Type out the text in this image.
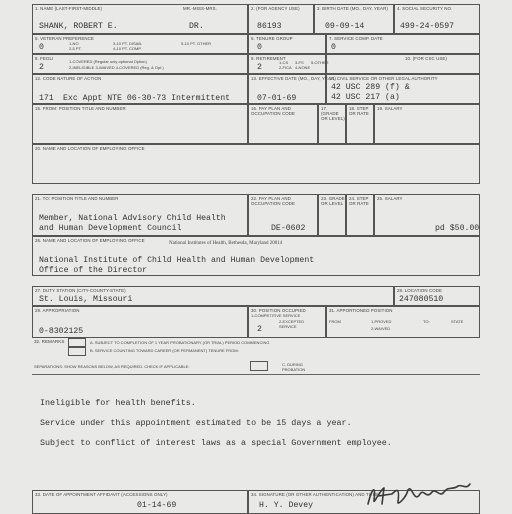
1. NAME (LAST-FIRST-MIDDLE)	MR.-MISS-MRS.
SHANK, ROBERT E.	DR.
2. (FOR AGENCY USE)
86193
3. BIRTH DATE (MO., DAY, YEAR)
09-09-14
4. SOCIAL SECURITY NO.
499-24-0597
5. VETERAN PREFERENCE
0	1-NO
2-5 PT.
3-10 PT. DISAB.
4-10 PT. COMP.
5-10 PT. OTHER
6. TENURE GROUP
0
7. SERVICE COMP. DATE
0
8. FEGLI
2
1-COVERED (Regular only-optional Option)
2-INELIGIBLE 3-WAIVED 4-COVERED (Reg. & Opt.)
9. RETIREMENT
2
1-CS
2-FICA
3-FS
4-NONE
5-OTHER
10. (FOR CSC USE)
12. CODE NATURE OF ACTION
171 Exc Appt NTE 06-30-73 Intermittent
13. EFFECTIVE DATE (MO., DAY, YEAR)
07-01-69
14. CIVIL SERVICE OR OTHER LEGAL AUTHORITY
42 USC 289 (f) &
42 USC 217 (a)
15. FROM: POSITION TITLE AND NUMBER	16. PAY PLAN AND OCCUPATION CODE
17. (GRADE OR LEVEL)
18. STEP OR RATE
19. SALARY
20. NAME AND LOCATION OF EMPLOYING OFFICE
21. TO: POSITION TITLE AND NUMBER
Member, National Advisory Child Health
and Human Development Council
22. PAY PLAN AND OCCUPATION CODE
DE-0602
23. GRADE OR LEVEL
24. STEP OR RATE
25. SALARY
pd $50.00
26. NAME AND LOCATION OF EMPLOYING OFFICE
National Institutes of Health, Bethesda, Maryland 20014
National Institute of Child Health and Human Development
Office of the Director
27. DUTY STATION (CITY-COUNTY-STATE)
St. Louis, Missouri
28. LOCATION CODE
247080510
29. APPROPRIATION
0-8302125
30. POSITION OCCUPIED
1-COMPETITIVE SERVICE
2-EXCEPTED SERVICE
2
31. APPORTIONED POSITION
FROM	1-PROVED
2-WAIVED
TO:	STATE
32. REMARKS	A. SUBJECT TO COMPLETION OF 1 YEAR PROBATIONARY (OR TRIAL) PERIOD COMMENCING
B. SERVICE COUNTING TOWARD CAREER (OR PERMANENT) TENURE FROM:
SEPARATIONS: SHOW REASONS BELOW, AS REQUIRED. CHECK IF APPLICABLE:	C. DURING PROBATION
Ineligible for health benefits.
Service under this appointment estimated to be 15 days a year.
Subject to conflict of interest laws as a special Government employee.
33. DATE OF APPOINTMENT AFFIDAVIT (ACCESSIONS ONLY)
01-14-69
34. SIGNATURE (OR OTHER AUTHENTICATION) AND TITLE
H. Y. Devey
